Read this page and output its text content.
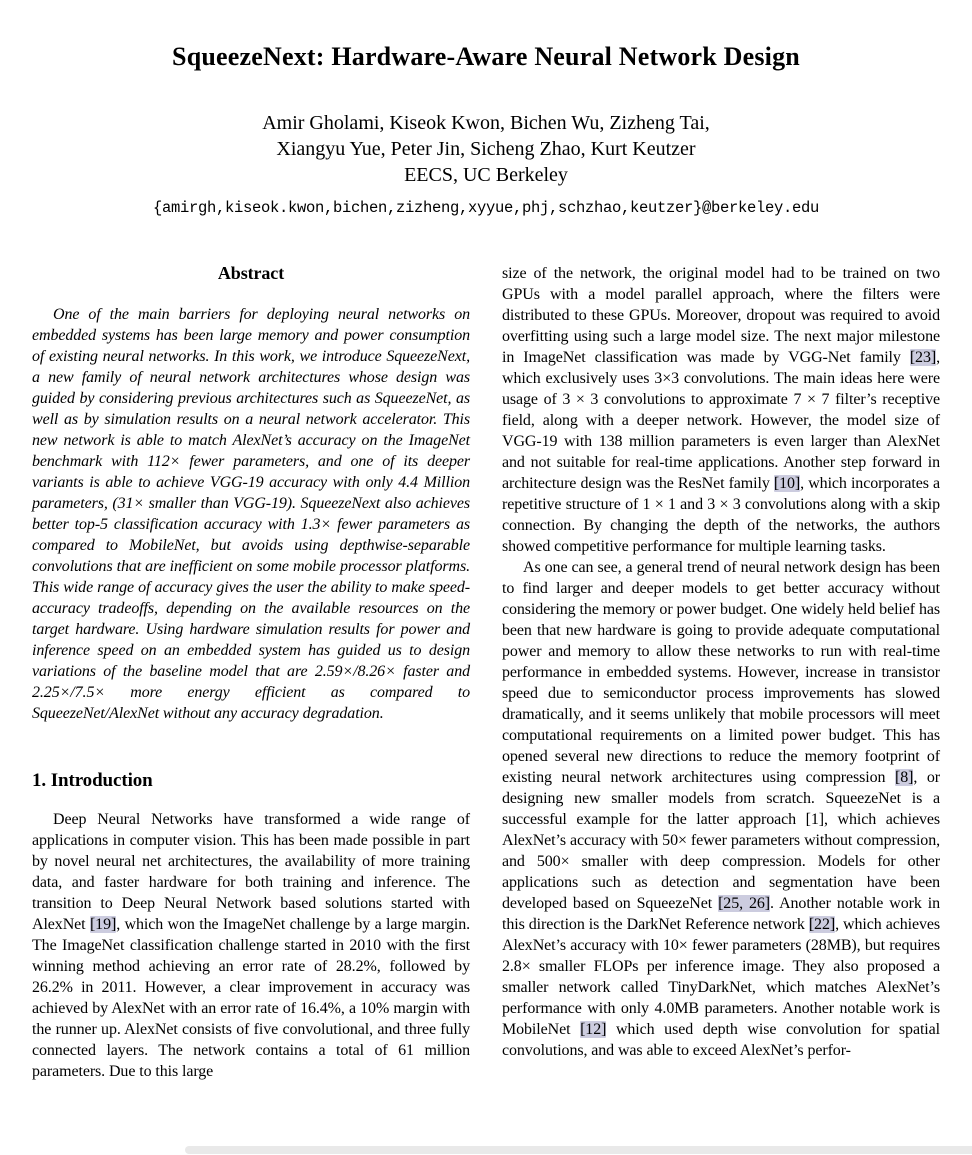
SqueezeNext: Hardware-Aware Neural Network Design
Amir Gholami, Kiseok Kwon, Bichen Wu, Zizheng Tai,
Xiangyu Yue, Peter Jin, Sicheng Zhao, Kurt Keutzer
EECS, UC Berkeley
{amirgh,kiseok.kwon,bichen,zizheng,xyyue,phj,schzhao,keutzer}@berkeley.edu
Abstract

One of the main barriers for deploying neural networks on embedded systems has been large memory and power consumption of existing neural networks. In this work, we introduce SqueezeNext, a new family of neural network architectures whose design was guided by considering previous architectures such as SqueezeNet, as well as by simulation results on a neural network accelerator. This new network is able to match AlexNet’s accuracy on the ImageNet benchmark with 112× fewer parameters, and one of its deeper variants is able to achieve VGG-19 accuracy with only 4.4 Million parameters, (31× smaller than VGG-19). SqueezeNext also achieves better top-5 classification accuracy with 1.3× fewer parameters as compared to MobileNet, but avoids using depthwise-separable convolutions that are inefficient on some mobile processor platforms. This wide range of accuracy gives the user the ability to make speed-accuracy tradeoffs, depending on the available resources on the target hardware. Using hardware simulation results for power and inference speed on an embedded system has guided us to design variations of the baseline model that are 2.59×/8.26× faster and 2.25×/7.5× more energy efficient as compared to SqueezeNet/AlexNet without any accuracy degradation.

1. Introduction

Deep Neural Networks have transformed a wide range of applications in computer vision. This has been made possible in part by novel neural net architectures, the availability of more training data, and faster hardware for both training and inference. The transition to Deep Neural Network based solutions started with AlexNet [19], which won the ImageNet challenge by a large margin. The ImageNet classification challenge started in 2010 with the first winning method achieving an error rate of 28.2%, followed by 26.2% in 2011. However, a clear improvement in accuracy was achieved by AlexNet with an error rate of 16.4%, a 10% margin with the runner up. AlexNet consists of five convolutional, and three fully connected layers. The network contains a total of 61 million parameters. Due to this large

size of the network, the original model had to be trained on two GPUs with a model parallel approach, where the filters were distributed to these GPUs. Moreover, dropout was required to avoid overfitting using such a large model size. The next major milestone in ImageNet classification was made by VGG-Net family [23], which exclusively uses 3×3 convolutions. The main ideas here were usage of 3 × 3 convolutions to approximate 7 × 7 filter’s receptive field, along with a deeper network. However, the model size of VGG-19 with 138 million parameters is even larger than AlexNet and not suitable for real-time applications. Another step forward in architecture design was the ResNet family [10], which incorporates a repetitive structure of 1 × 1 and 3 × 3 convolutions along with a skip connection. By changing the depth of the networks, the authors showed competitive performance for multiple learning tasks.

As one can see, a general trend of neural network design has been to find larger and deeper models to get better accuracy without considering the memory or power budget. One widely held belief has been that new hardware is going to provide adequate computational power and memory to allow these networks to run with real-time performance in embedded systems. However, increase in transistor speed due to semiconductor process improvements has slowed dramatically, and it seems unlikely that mobile processors will meet computational requirements on a limited power budget. This has opened several new directions to reduce the memory footprint of existing neural network architectures using compression [8], or designing new smaller models from scratch. SqueezeNet is a successful example for the latter approach [1], which achieves AlexNet’s accuracy with 50× fewer parameters without compression, and 500× smaller with deep compression. Models for other applications such as detection and segmentation have been developed based on SqueezeNet [25, 26]. Another notable work in this direction is the DarkNet Reference network [22], which achieves AlexNet’s accuracy with 10× fewer parameters (28MB), but requires 2.8× smaller FLOPs per inference image. They also proposed a smaller network called TinyDarkNet, which matches AlexNet’s performance with only 4.0MB parameters. Another notable work is MobileNet [12] which used depth wise convolution for spatial convolutions, and was able to exceed AlexNet’s perfor-
